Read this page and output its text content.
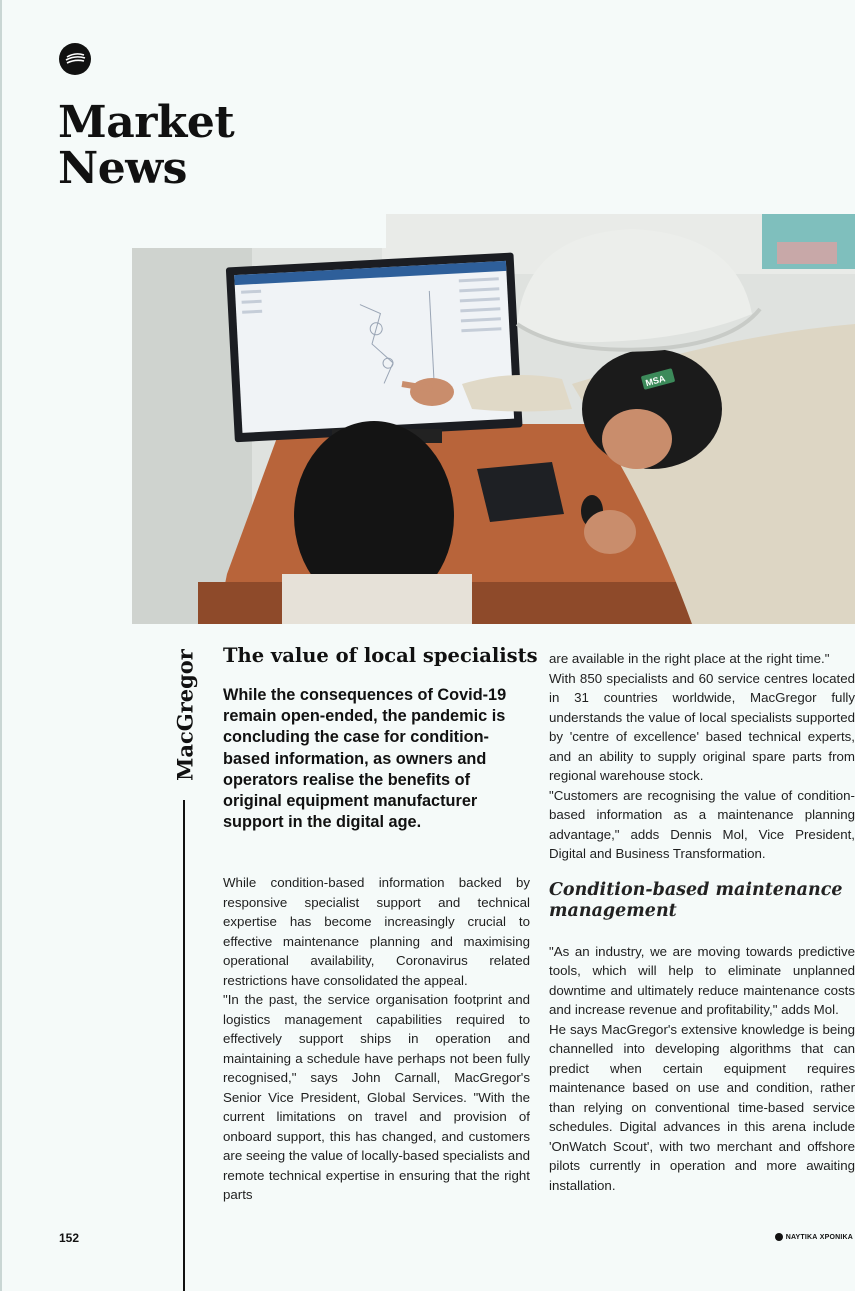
Market
News
MSA
MacGregor The value of local specialists

While the consequences of Covid-19 remain open-ended, the pandemic is concluding the case for condition-based information, as owners and operators realise the benefits of original equipment manufacturer support in the digital age.

While condition-based information backed by responsive specialist support and technical expertise has become increasingly crucial to effective maintenance planning and maximising operational availability, Coronavirus related restrictions have consolidated the appeal.

"In the past, the service organisation footprint and logistics management capabilities required to effectively support ships in operation and maintaining a schedule have perhaps not been fully recognised," says John Carnall, MacGregor's Senior Vice President, Global Services. "With the current limitations on travel and provision of onboard support, this has changed, and customers are seeing the value of locally-based specialists and remote technical expertise in ensuring that the right parts

are available in the right place at the right time."

With 850 specialists and 60 service centres located in 31 countries worldwide, MacGregor fully understands the value of local specialists supported by 'centre of excellence' based technical experts, and an ability to supply original spare parts from regional warehouse stock.

"Customers are recognising the value of condition-based information as a maintenance planning advantage," adds Dennis Mol, Vice President, Digital and Business Transformation.

Condition-based maintenance management

"As an industry, we are moving towards predictive tools, which will help to eliminate unplanned downtime and ultimately reduce maintenance costs and increase revenue and profitability," adds Mol.

He says MacGregor's extensive knowledge is being channelled into developing algorithms that can predict when certain equipment requires maintenance based on use and condition, rather than relying on conventional time-based service schedules. Digital advances in this arena include 'OnWatch Scout', with two merchant and offshore pilots currently in operation and more awaiting installation.

152	ΝΑΥΤΙΚΑ ΧΡΟΝΙΚΑ
